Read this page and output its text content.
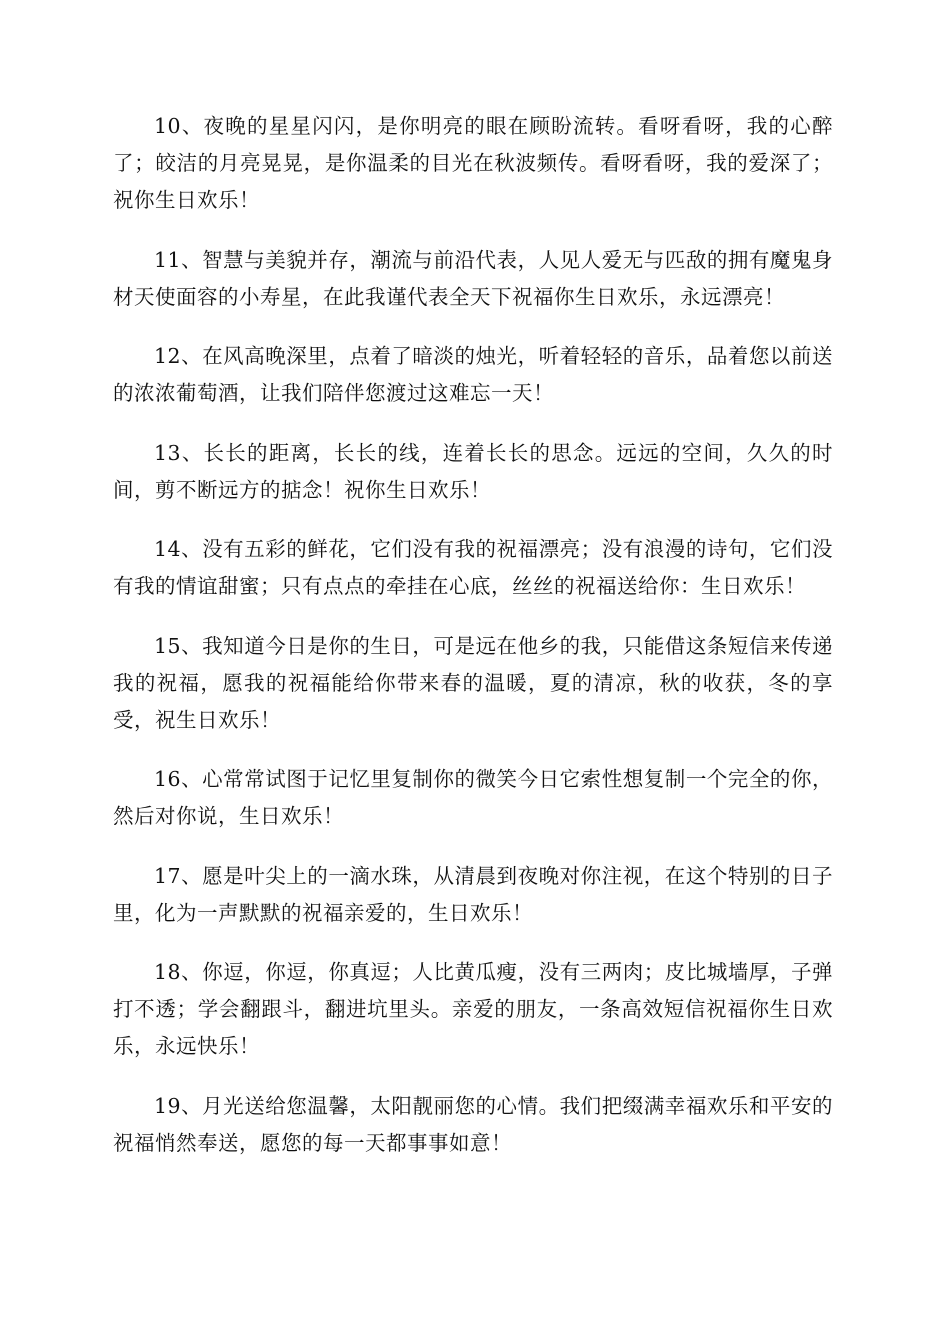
10、夜晚的星星闪闪，是你明亮的眼在顾盼流转。看呀看呀，我的心醉了；皎洁的月亮晃晃，是你温柔的目光在秋波频传。看呀看呀，我的爱深了；祝你生日欢乐！

11、智慧与美貌并存，潮流与前沿代表，人见人爱无与匹敌的拥有魔鬼身材天使面容的小寿星，在此我谨代表全天下祝福你生日欢乐，永远漂亮！

12、在风高晚深里，点着了暗淡的烛光，听着轻轻的音乐，品着您以前送的浓浓葡萄酒，让我们陪伴您渡过这难忘一天！

13、长长的距离，长长的线，连着长长的思念。远远的空间，久久的时间，剪不断远方的掂念！祝你生日欢乐！

14、没有五彩的鲜花，它们没有我的祝福漂亮；没有浪漫的诗句，它们没有我的情谊甜蜜；只有点点的牵挂在心底，丝丝的祝福送给你：生日欢乐！

15、我知道今日是你的生日，可是远在他乡的我，只能借这条短信来传递我的祝福，愿我的祝福能给你带来春的温暖，夏的清凉，秋的收获，冬的享受，祝生日欢乐！

16、心常常试图于记忆里复制你的微笑今日它索性想复制一个完全的你，然后对你说，生日欢乐！

17、愿是叶尖上的一滴水珠，从清晨到夜晚对你注视，在这个特别的日子里，化为一声默默的祝福亲爱的，生日欢乐！

18、你逗，你逗，你真逗；人比黄瓜瘦，没有三两肉；皮比城墙厚，子弹打不透；学会翻跟斗，翻进坑里头。亲爱的朋友，一条高效短信祝福你生日欢乐，永远快乐！

19、月光送给您温馨，太阳靓丽您的心情。我们把缀满幸福欢乐和平安的祝福悄然奉送，愿您的每一天都事事如意！
